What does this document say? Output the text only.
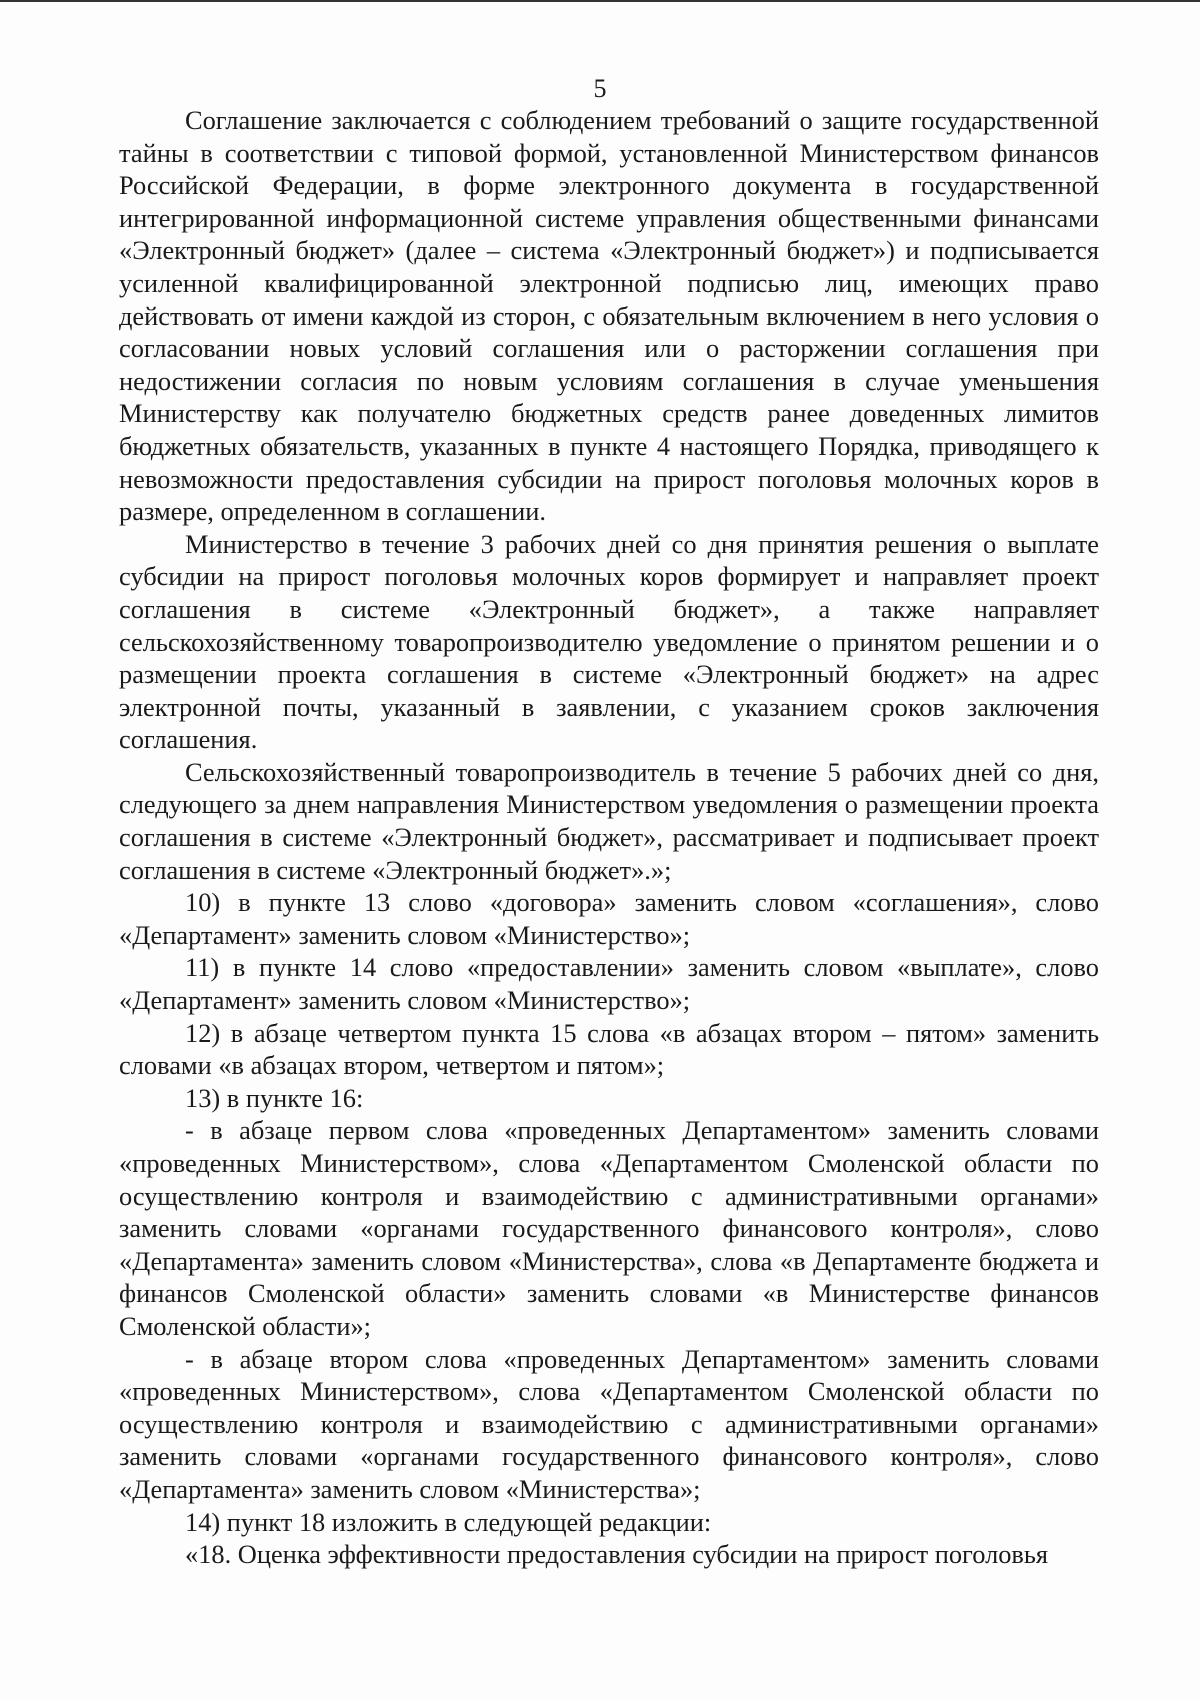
5

Соглашение заключается с соблюдением требований о защите государственной тайны в соответствии с типовой формой, установленной Министерством финансов Российской Федерации, в форме электронного документа в государственной интегрированной информационной системе управления общественными финансами «Электронный бюджет» (далее – система «Электронный бюджет») и подписывается усиленной квалифицированной электронной подписью лиц, имеющих право действовать от имени каждой из сторон, с обязательным включением в него условия о согласовании новых условий соглашения или о расторжении соглашения при недостижении согласия по новым условиям соглашения в случае уменьшения Министерству как получателю бюджетных средств ранее доведенных лимитов бюджетных обязательств, указанных в пункте 4 настоящего Порядка, приводящего к невозможности предоставления субсидии на прирост поголовья молочных коров в размере, определенном в соглашении.

Министерство в течение 3 рабочих дней со дня принятия решения о выплате субсидии на прирост поголовья молочных коров формирует и направляет проект соглашения в системе «Электронный бюджет», а также направляет сельскохозяйственному товаропроизводителю уведомление о принятом решении и о размещении проекта соглашения в системе «Электронный бюджет» на адрес электронной почты, указанный в заявлении, с указанием сроков заключения соглашения.

Сельскохозяйственный товаропроизводитель в течение 5 рабочих дней со дня, следующего за днем направления Министерством уведомления о размещении проекта соглашения в системе «Электронный бюджет», рассматривает и подписывает проект соглашения в системе «Электронный бюджет».»;

10) в пункте 13 слово «договора» заменить словом «соглашения», слово «Департамент» заменить словом «Министерство»;

11) в пункте 14 слово «предоставлении» заменить словом «выплате», слово «Департамент» заменить словом «Министерство»;

12) в абзаце четвертом пункта 15 слова «в абзацах втором – пятом» заменить словами «в абзацах втором, четвертом и пятом»;

13) в пункте 16:

- в абзаце первом слова «проведенных Департаментом» заменить словами «проведенных Министерством», слова «Департаментом Смоленской области по осуществлению контроля и взаимодействию с административными органами» заменить словами «органами государственного финансового контроля», слово «Департамента» заменить словом «Министерства», слова «в Департаменте бюджета и финансов Смоленской области» заменить словами «в Министерстве финансов Смоленской области»;

- в абзаце втором слова «проведенных Департаментом» заменить словами «проведенных Министерством», слова «Департаментом Смоленской области по осуществлению контроля и взаимодействию с административными органами» заменить словами «органами государственного финансового контроля», слово «Департамента» заменить словом «Министерства»;

14) пункт 18 изложить в следующей редакции:

«18. Оценка эффективности предоставления субсидии на прирост поголовья
